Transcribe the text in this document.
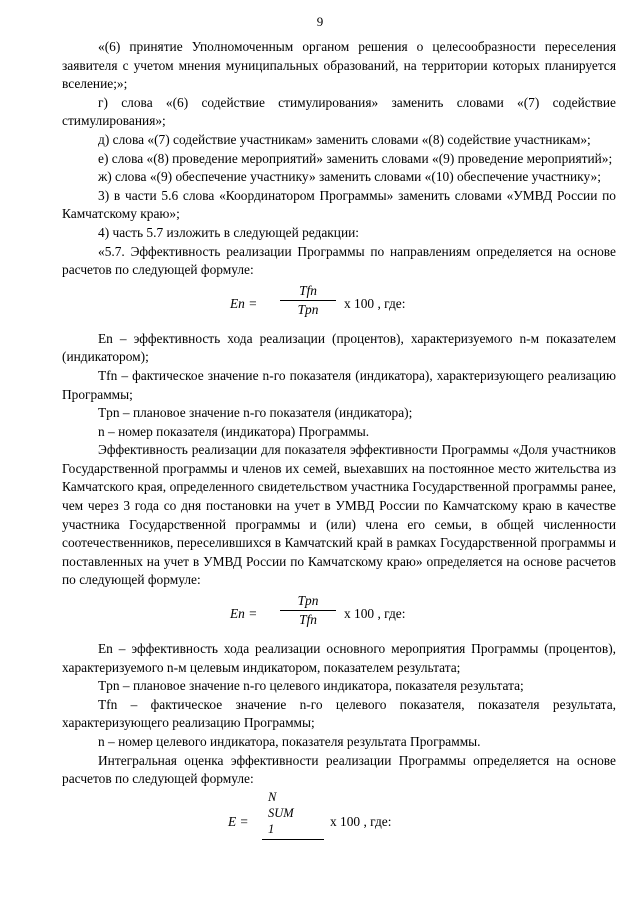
9

«(6) принятие Уполномоченным органом решения о целесообразности переселения заявителя с учетом мнения муниципальных образований, на территории которых планируется вселение;»;

г) слова «(6) содействие стимулирования» заменить словами «(7) содействие стимулирования»;

д) слова «(7) содействие участникам» заменить словами «(8) содействие участникам»;

е) слова «(8) проведение мероприятий» заменить словами «(9) проведение мероприятий»;

ж) слова «(9) обеспечение участнику» заменить словами «(10) обеспечение участнику»;

3) в части 5.6 слова «Координатором Программы» заменить словами «УМВД России по Камчатскому краю»;

4) часть 5.7 изложить в следующей редакции:

«5.7. Эффективность реализации Программы по направлениям определяется на основе расчетов по следующей формуле:

En =
Tfn
Tpn	x 100 , где:

En – эффективность хода реализации (процентов), характеризуемого n-м показателем (индикатором);

Tfn – фактическое значение n-го показателя (индикатора), характеризующего реализацию Программы;

Tpn – плановое значение n-го показателя (индикатора);

n – номер показателя (индикатора) Программы.

Эффективность реализации для показателя эффективности Программы «Доля участников Государственной программы и членов их семей, выехавших на постоянное место жительства из Камчатского края, определенного свидетельством участника Государственной программы ранее, чем через 3 года со дня постановки на учет в УМВД России по Камчатскому краю в качестве участника Государственной программы и (или) члена его семьи, в общей численности соотечественников, переселившихся в Камчатский край в рамках Государственной программы и поставленных на учет в УМВД России по Камчатскому краю» определяется на основе расчетов по следующей формуле:

En =
Tpn
Tfn	x 100 , где:

En – эффективность хода реализации основного мероприятия Программы (процентов), характеризуемого n-м целевым индикатором, показателем результата;

Tpn – плановое значение n-го целевого индикатора, показателя результата;

Tfn – фактическое значение n-го целевого показателя, показателя результата, характеризующего реализацию Программы;

n – номер целевого индикатора, показателя результата Программы.

Интегральная оценка эффективности реализации Программы определяется на основе расчетов по следующей формуле:

E =
N
SUM
1	x 100 , где:
